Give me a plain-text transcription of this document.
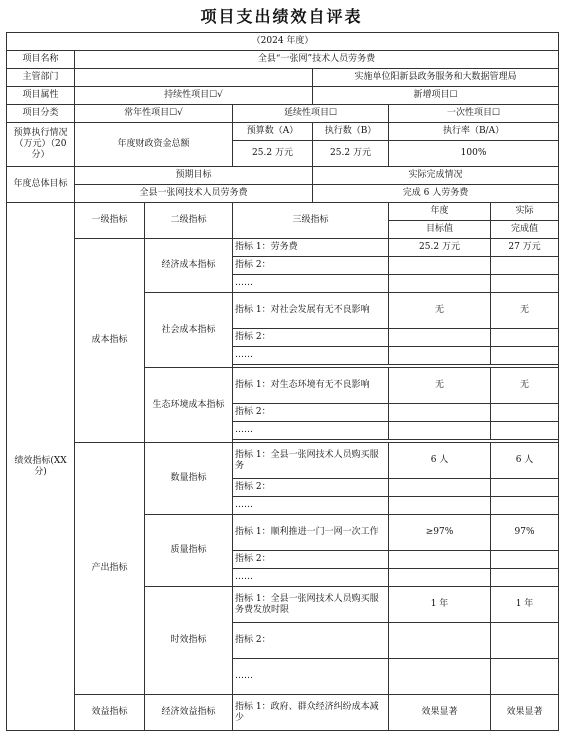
项目支出绩效自评表
（2024 年度）						
项目名称	全县“一张网”技术人员劳务费					
主管部门				实施单位阳新县政务服务和大数据管理局		
项目属性	持续性项目☐√			新增项目☐		
项目分类	常年性项目☐√		延续性项目☐		一次性项目☐	
预算执行情况（万元）（20 分）	年度财政资金总额		预算数（A）	执行数（B）	执行率（B/A）	
			25.2 万元	25.2 万元	100%	
年度总体目标	预期目标			实际完成情况		
	全县一张网技术人员劳务费			完成 6 人劳务费		
绩效指标(XX 分)	一级指标	二级指标	三级指标		年度	实际
					目标值	完成值
	成本指标	经济成本指标	指标 1：劳务费		25.2 万元	27 万元
			指标 2：			
			……			
		社会成本指标	指标 1：对社会发展有无不良影响		无	无
			指标 2：			
			……			

		生态环境成本指标	指标 1：对生态环境有无不良影响		无	无
			指标 2：			
			……			

	产出指标	数量指标	指标 1：全县一张网技术人员购买服务		6 人	6 人
			指标 2：			
			……			
		质量指标	指标 1：顺利推进一门一网一次工作		≥97%	97%
			指标 2：			
			……			
		时效指标	指标 1：全县一张网技术人员购买服务费发放时限		1 年	1 年
			指标 2：			
			……			

	效益指标	经济效益指标	指标 1：政府、群众经济纠纷成本减少		效果显著	效果显著
